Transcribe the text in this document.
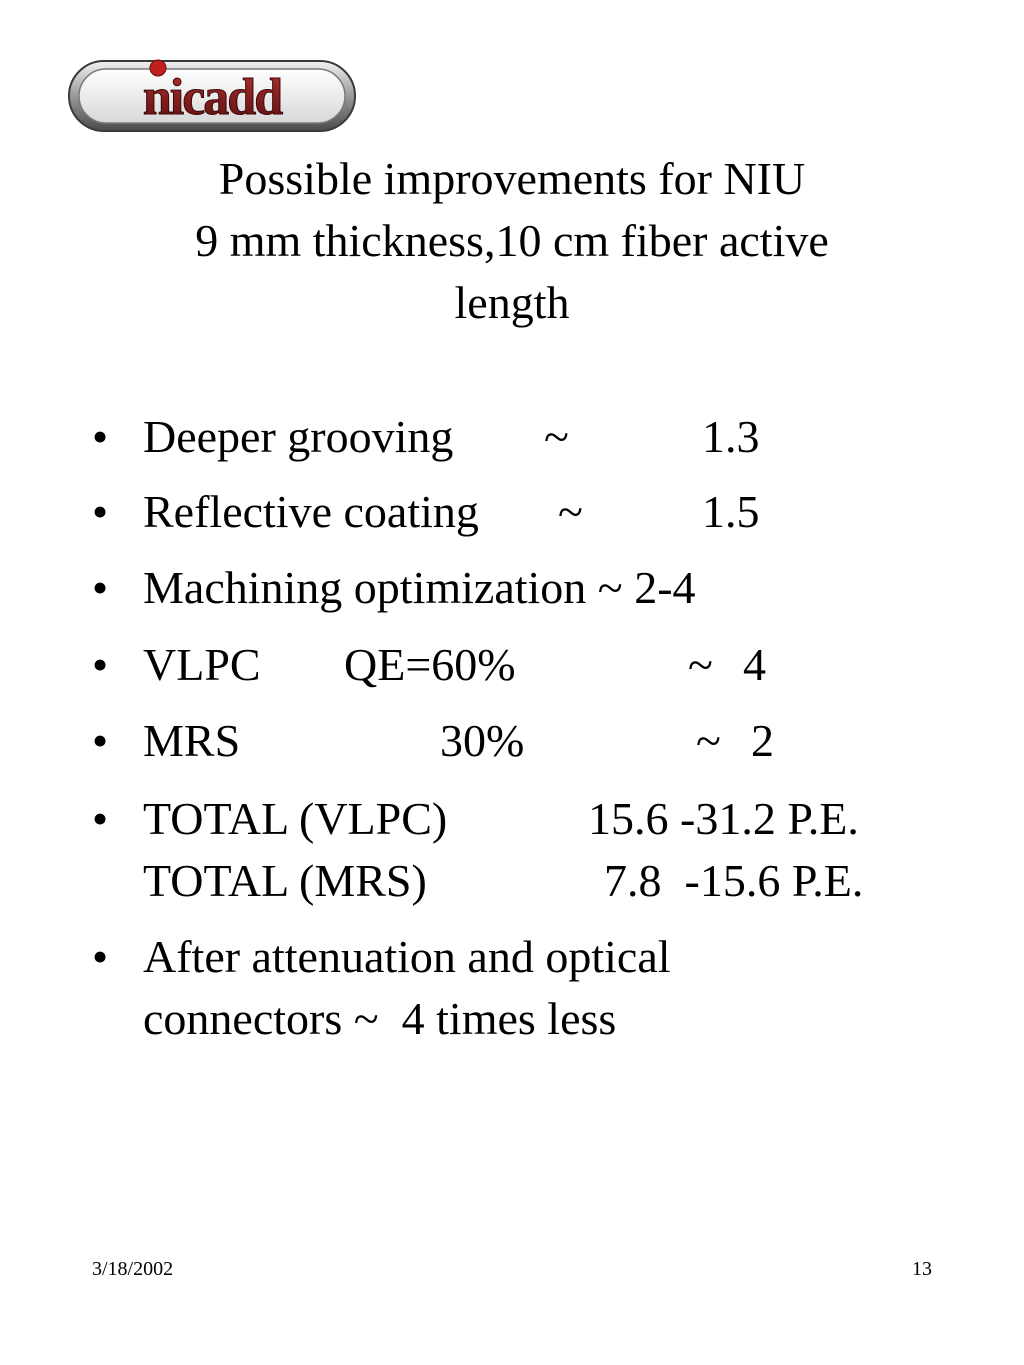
nicadd
Possible improvements for NIU
9 mm thickness,10 cm fiber active
length
• Deeper grooving ~	1.3
• Reflective coating ~	1.5
• Machining optimization ~ 2-4
• VLPC QE=60%	~ 4
• MRS	30%	~ 2
• TOTAL (VLPC)	15.6 -31.2 P.E.
TOTAL (MRS)	7.8  -15.6 P.E.
• After attenuation and optical
connectors ~  4 times less
3/18/2002	13
